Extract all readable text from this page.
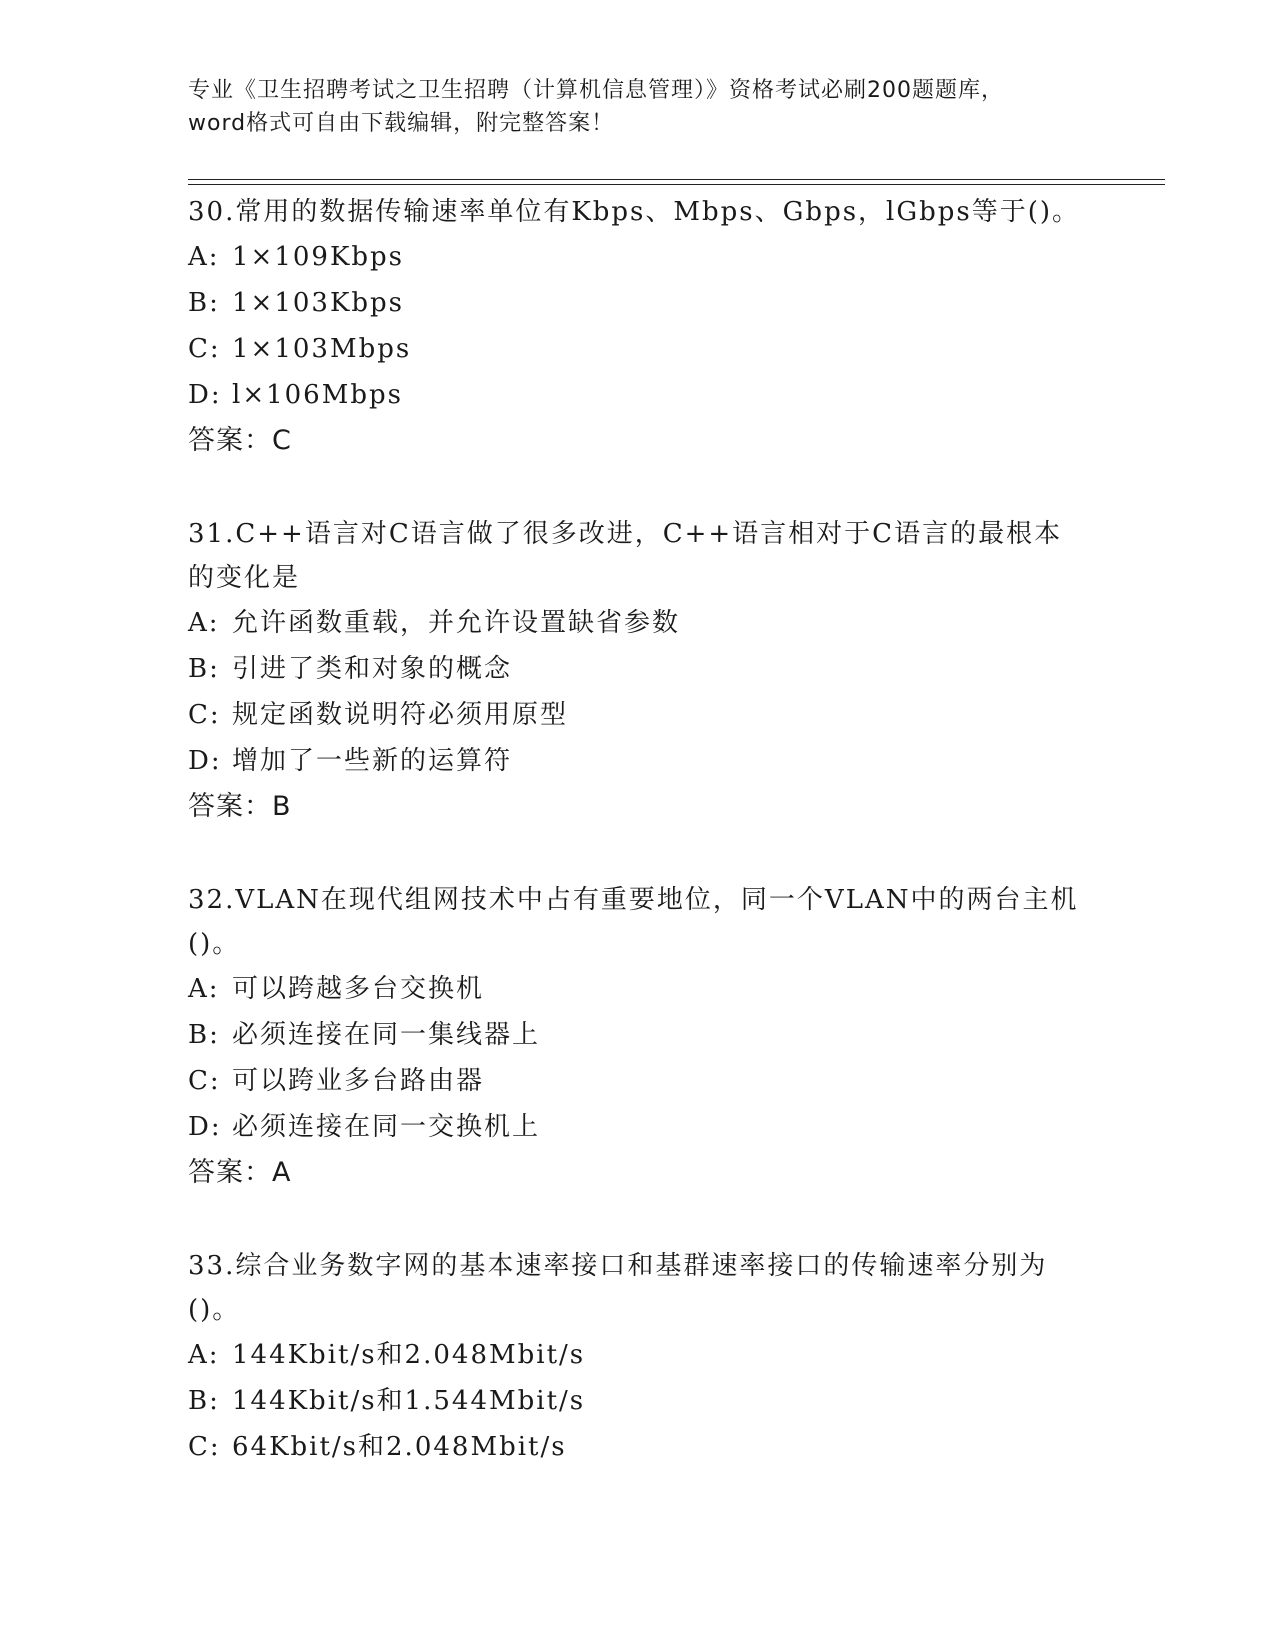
专业《卫生招聘考试之卫生招聘（计算机信息管理）》资格考试必刷200题题库，
word格式可自由下载编辑，附完整答案！
30.常用的数据传输速率单位有Kbps、Mbps、Gbps，lGbps等于()。
A: 1×109Kbps
B: 1×103Kbps
C: 1×103Mbps
D: l×106Mbps
答案：C
31.C++语言对C语言做了很多改进，C++语言相对于C语言的最根本的变化是
A: 允许函数重载，并允许设置缺省参数
B: 引进了类和对象的概念
C: 规定函数说明符必须用原型
D: 增加了一些新的运算符
答案：B
32.VLAN在现代组网技术中占有重要地位，同一个VLAN中的两台主机()。
A: 可以跨越多台交换机
B: 必须连接在同一集线器上
C: 可以跨业多台路由器
D: 必须连接在同一交换机上
答案：A
33.综合业务数字网的基本速率接口和基群速率接口的传输速率分别为()。
A: 144Kbit/s和2.048Mbit/s
B: 144Kbit/s和1.544Mbit/s
C: 64Kbit/s和2.048Mbit/s
